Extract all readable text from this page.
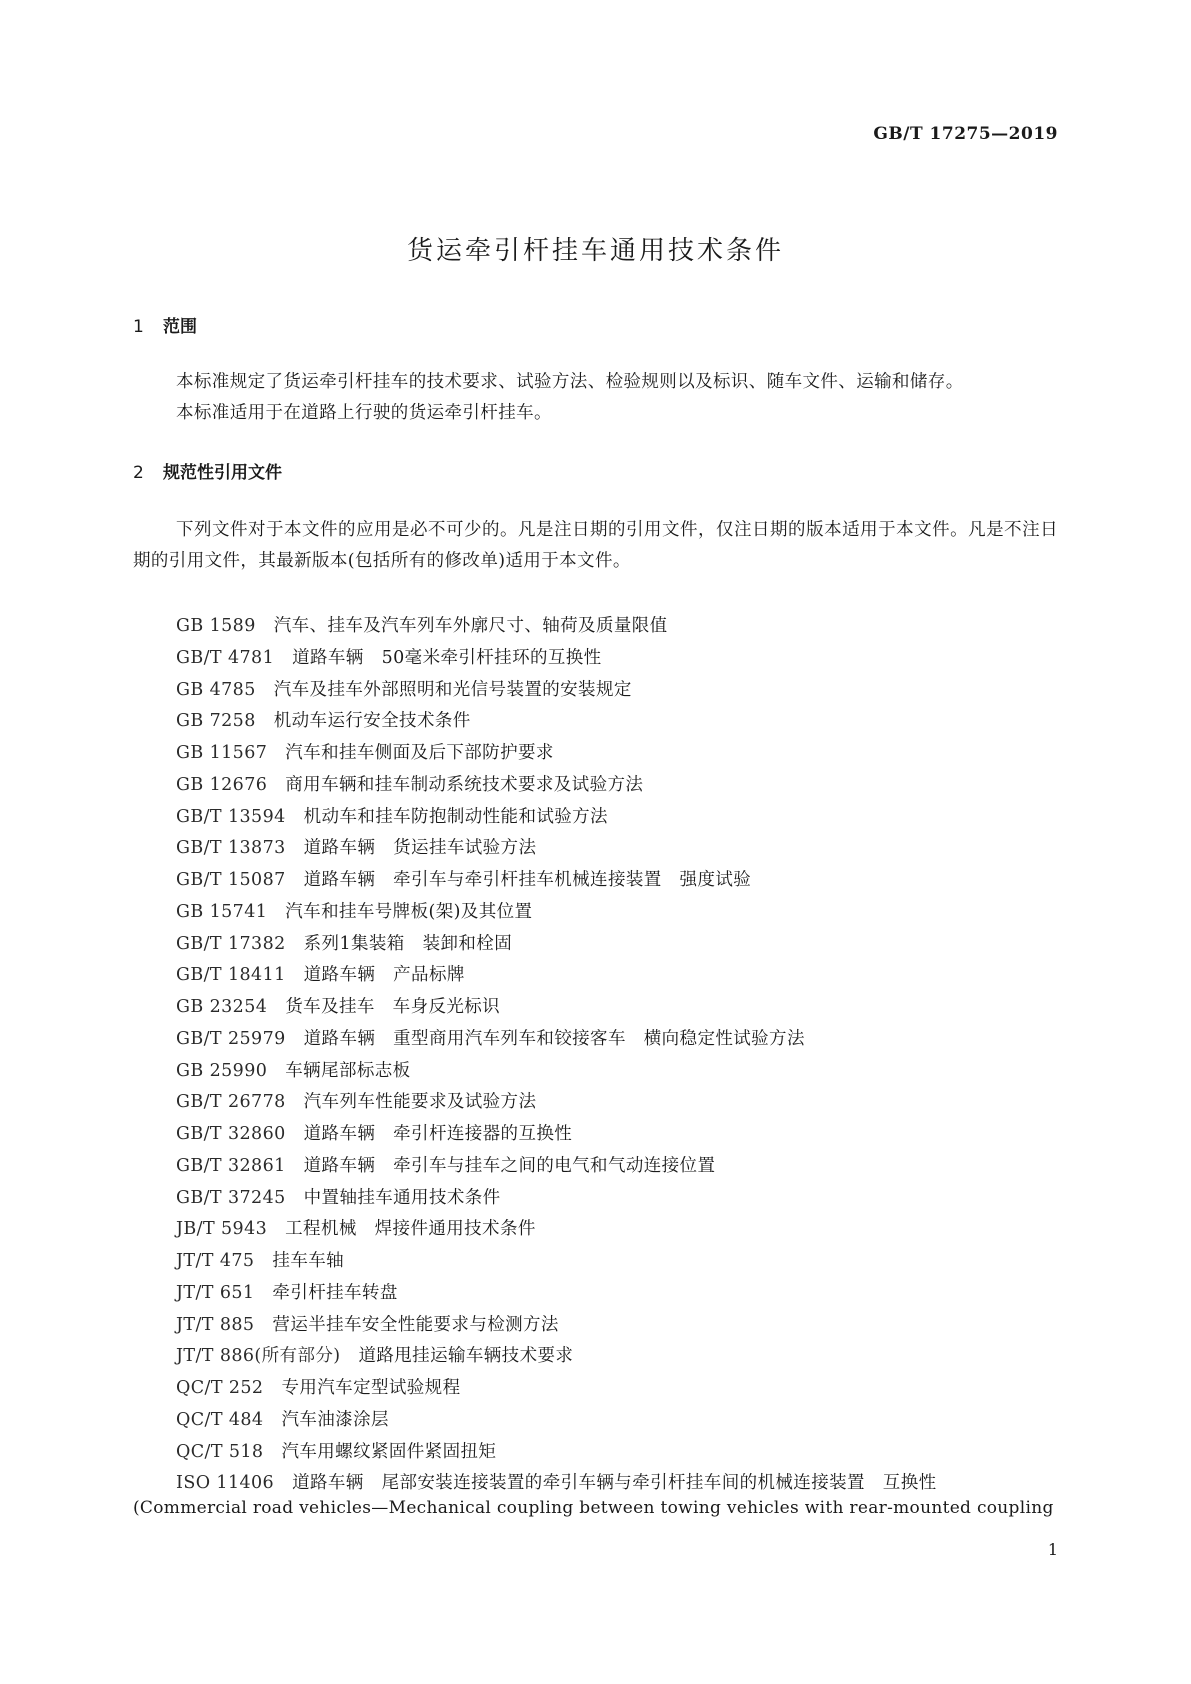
GB/T 17275—2019
货运牵引杆挂车通用技术条件
1 范围

本标准规定了货运牵引杆挂车的技术要求、试验方法、检验规则以及标识、随车文件、运输和储存。

本标准适用于在道路上行驶的货运牵引杆挂车。

2 规范性引用文件

下列文件对于本文件的应用是必不可少的。凡是注日期的引用文件，仅注日期的版本适用于本文件。凡是不注日期的引用文件，其最新版本(包括所有的修改单)适用于本文件。

GB 1589 汽车、挂车及汽车列车外廓尺寸、轴荷及质量限值
GB/T 4781 道路车辆　50毫米牵引杆挂环的互换性
GB 4785 汽车及挂车外部照明和光信号装置的安装规定
GB 7258 机动车运行安全技术条件
GB 11567 汽车和挂车侧面及后下部防护要求
GB 12676 商用车辆和挂车制动系统技术要求及试验方法
GB/T 13594 机动车和挂车防抱制动性能和试验方法
GB/T 13873 道路车辆　货运挂车试验方法
GB/T 15087 道路车辆　牵引车与牵引杆挂车机械连接装置　强度试验
GB 15741 汽车和挂车号牌板(架)及其位置
GB/T 17382 系列1集装箱　装卸和栓固
GB/T 18411 道路车辆　产品标牌
GB 23254 货车及挂车　车身反光标识
GB/T 25979 道路车辆　重型商用汽车列车和铰接客车　横向稳定性试验方法
GB 25990 车辆尾部标志板
GB/T 26778 汽车列车性能要求及试验方法
GB/T 32860 道路车辆　牵引杆连接器的互换性
GB/T 32861 道路车辆　牵引车与挂车之间的电气和气动连接位置
GB/T 37245 中置轴挂车通用技术条件
JB/T 5943 工程机械　焊接件通用技术条件
JT/T 475 挂车车轴
JT/T 651 牵引杆挂车转盘
JT/T 885 营运半挂车安全性能要求与检测方法
JT/T 886(所有部分) 道路甩挂运输车辆技术要求
QC/T 252 专用汽车定型试验规程
QC/T 484 汽车油漆涂层
QC/T 518 汽车用螺纹紧固件紧固扭矩
ISO 11406 道路车辆　尾部安装连接装置的牵引车辆与牵引杆挂车间的机械连接装置　互换性
(Commercial road vehicles—Mechanical coupling between towing vehicles with rear-mounted coupling
1
